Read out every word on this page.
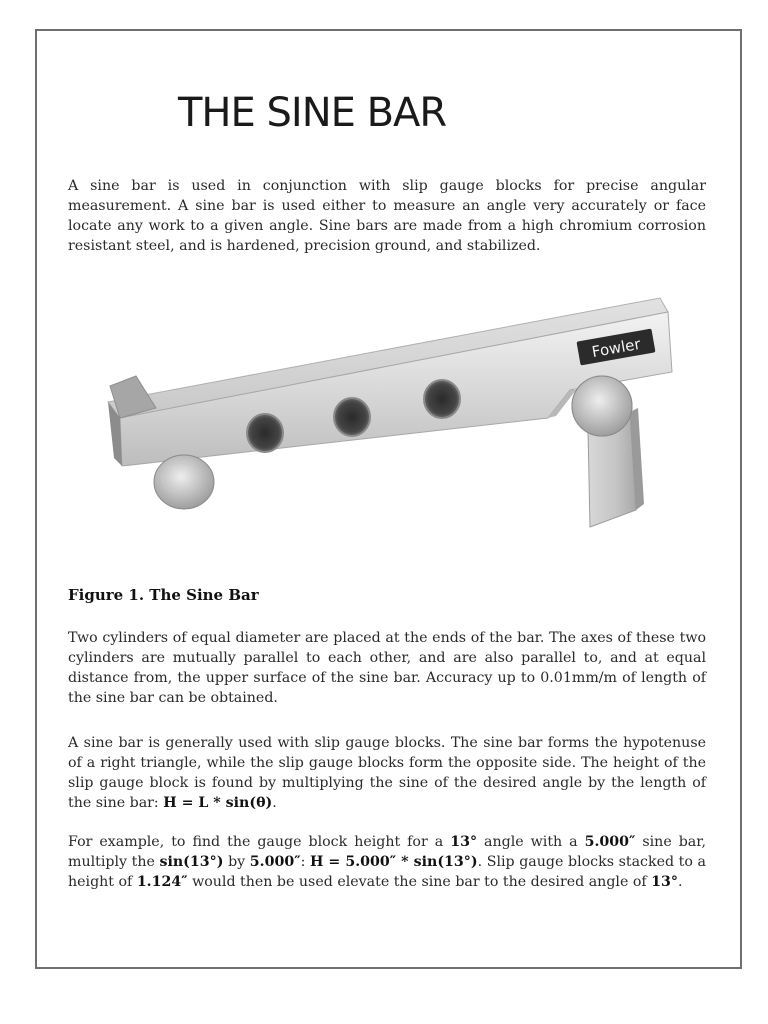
THE SINE BAR

A sine bar is used in conjunction with slip gauge blocks for precise angular measurement. A sine bar is used either to measure an angle very accurately or face locate any work to a given angle. Sine bars are made from a high chromium corrosion resistant steel, and is hardened, precision ground, and stabilized.

Fowler

Figure 1. The Sine Bar

Two cylinders of equal diameter are placed at the ends of the bar. The axes of these two cylinders are mutually parallel to each other, and are also parallel to, and at equal distance from, the upper surface of the sine bar. Accuracy up to 0.01mm/m of length of the sine bar can be obtained.

A sine bar is generally used with slip gauge blocks. The sine bar forms the hypotenuse of a right triangle, while the slip gauge blocks form the opposite side. The height of the slip gauge block is found by multiplying the sine of the desired angle by the length of the sine bar: H = L * sin(θ).

For example, to find the gauge block height for a 13° angle with a 5.000″ sine bar, multiply the sin(13°) by 5.000″: H = 5.000″ * sin(13°). Slip gauge blocks stacked to a height of 1.124″ would then be used elevate the sine bar to the desired angle of 13°.
